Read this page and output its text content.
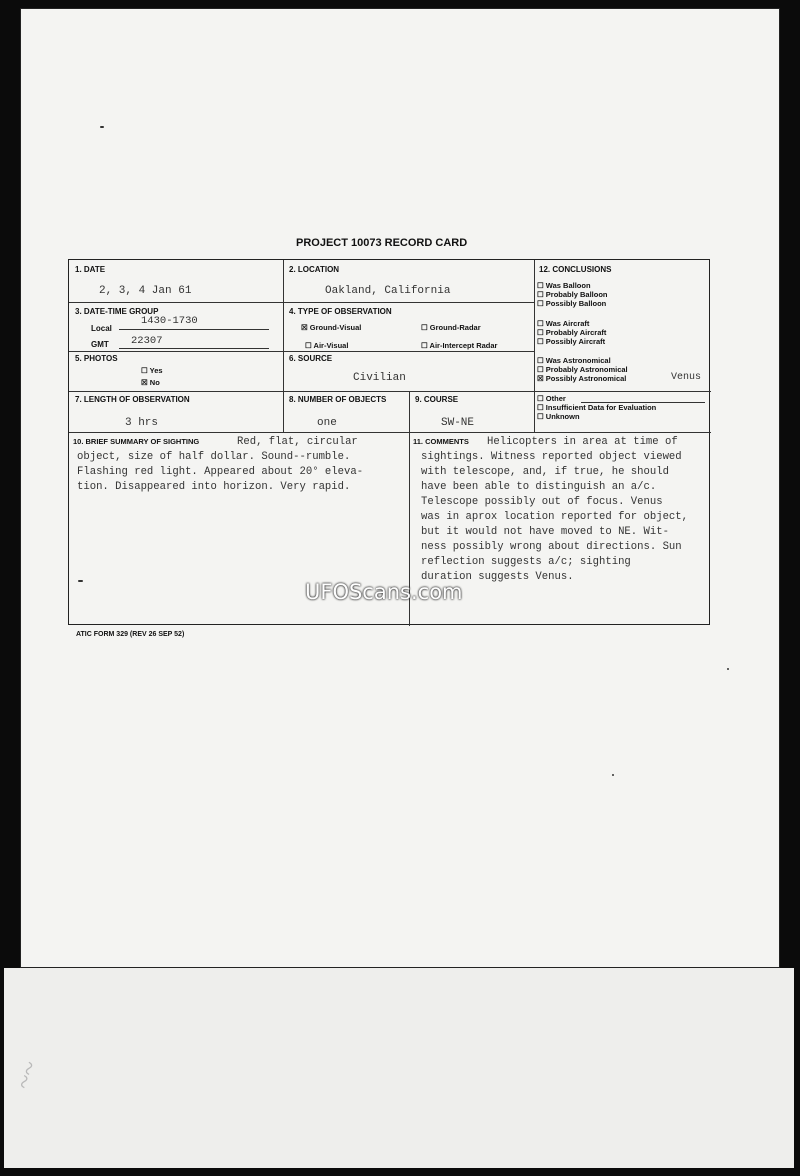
~~
PROJECT 10073 RECORD CARD
1. DATE
2, 3, 4 Jan 61
2. LOCATION
Oakland, California
3. DATE-TIME GROUP
Local
1430-1730
GMT 22307
4. TYPE OF OBSERVATION
☒ Ground-Visual	☐ Ground-Radar
☐ Air-Visual	☐ Air-Intercept Radar
5. PHOTOS
☐ Yes
☒ No
6. SOURCE
Civilian
7. LENGTH OF OBSERVATION
3 hrs
8. NUMBER OF OBJECTS
one
9. COURSE
SW-NE
12. CONCLUSIONS
☐ Was Balloon
☐ Probably Balloon
☐ Possibly Balloon
☐ Was Aircraft
☐ Probably Aircraft
☐ Possibly Aircraft
☐ Was Astronomical
☐ Probably Astronomical
☒ Possibly Astronomical	Venus
☐ Other
☐ Insufficient Data for Evaluation
☐ Unknown
10. BRIEF SUMMARY OF SIGHTING	Red, flat, circular
object, size of half dollar. Sound--rumble.
Flashing red light. Appeared about 20° eleva-
tion. Disappeared into horizon. Very rapid.
11. COMMENTS	Helicopters in area at time of
sightings. Witness reported object viewed
with telescope, and, if true, he should
have been able to distinguish an a/c.
Telescope possibly out of focus. Venus
was in aprox location reported for object,
but it would not have moved to NE. Wit-
ness possibly wrong about directions. Sun
reflection suggests a/c; sighting
duration suggests Venus.
ATIC FORM 329 (REV 26 SEP 52)
UFOScans.com
